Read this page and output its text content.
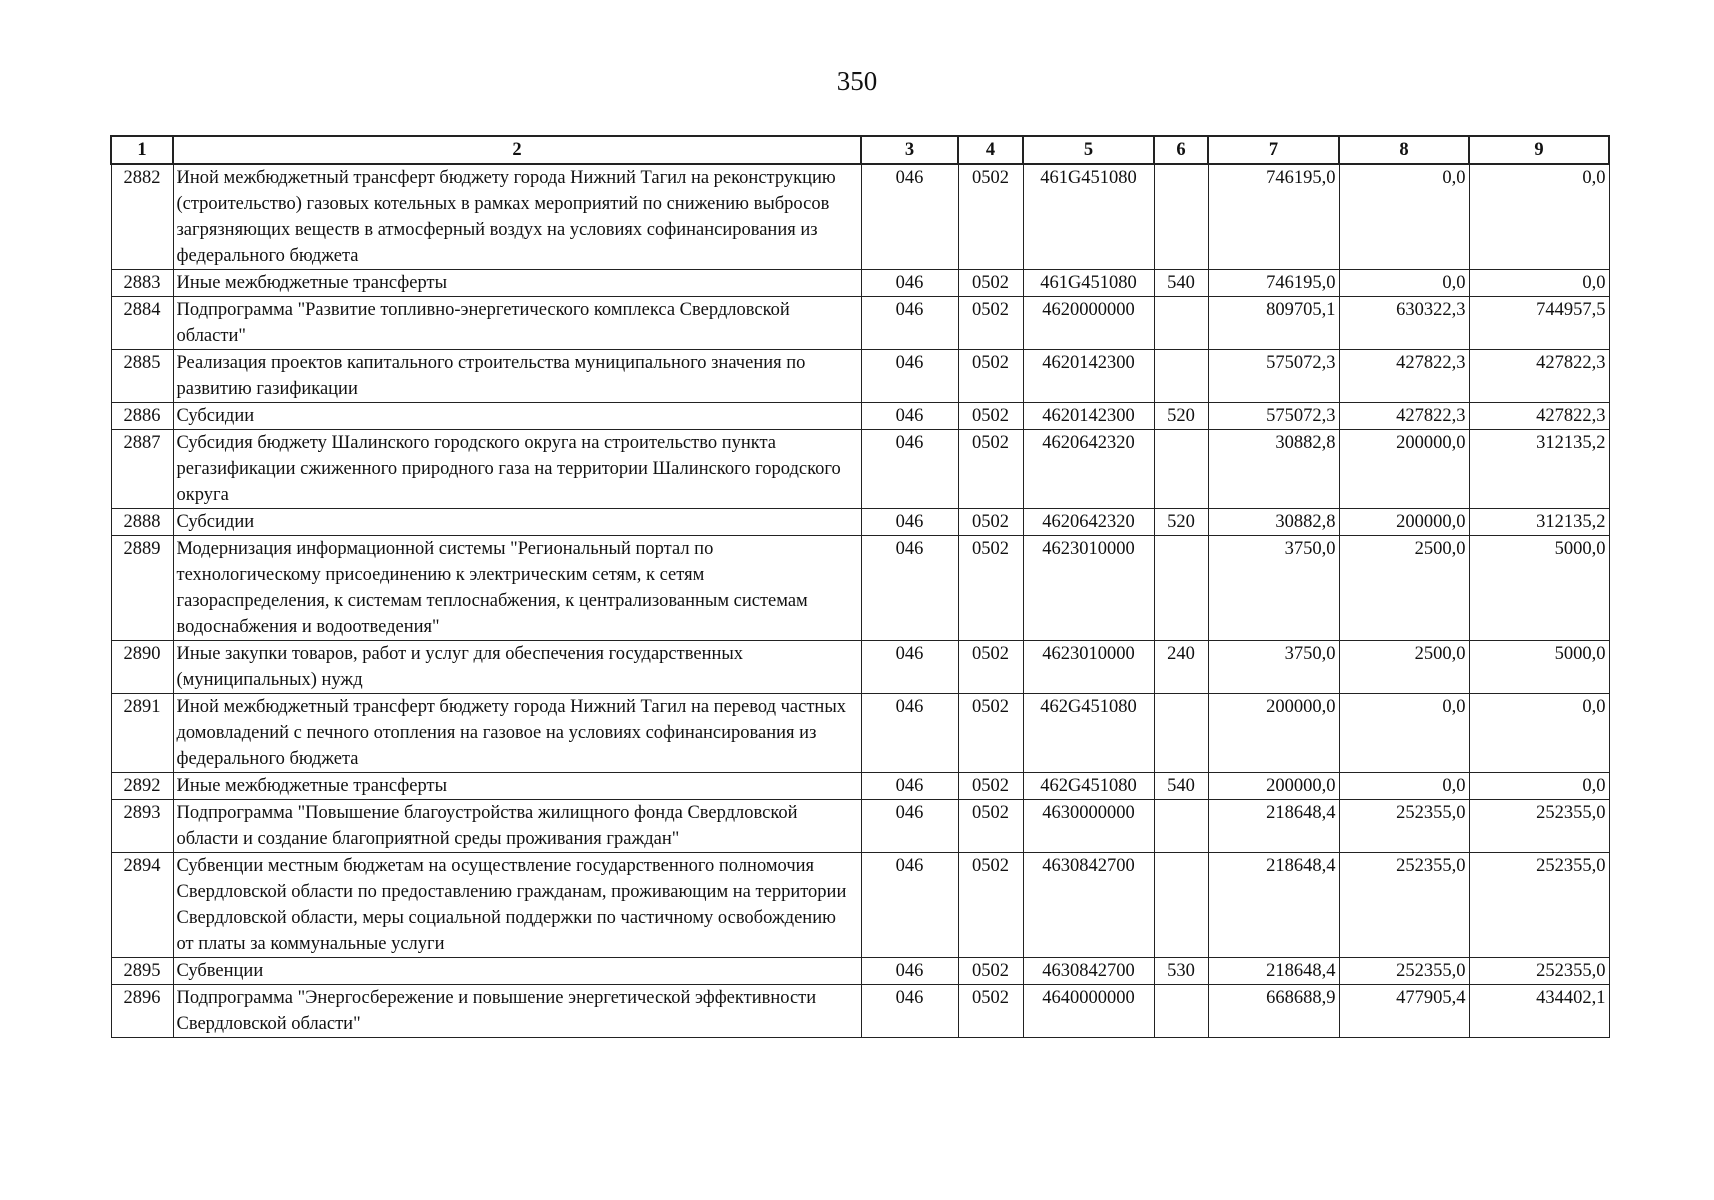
350
1	2	3	4	5	6	7	8	9
2882	Иной межбюджетный трансферт бюджету города Нижний Тагил на реконструкцию (строительство) газовых котельных в рамках мероприятий по снижению выбросов загрязняющих веществ в атмосферный воздух на условиях софинансирования из федерального бюджета	046	0502	461G451080		746195,0	0,0	0,0
2883	Иные межбюджетные трансферты	046	0502	461G451080	540	746195,0	0,0	0,0
2884	Подпрограмма "Развитие топливно-энергетического комплекса Свердловской области"	046	0502	4620000000		809705,1	630322,3	744957,5
2885	Реализация проектов капитального строительства муниципального значения по развитию газификации	046	0502	4620142300		575072,3	427822,3	427822,3
2886	Субсидии	046	0502	4620142300	520	575072,3	427822,3	427822,3
2887	Субсидия бюджету Шалинского городского округа на строительство пункта регазификации сжиженного природного газа на территории Шалинского городского округа	046	0502	4620642320		30882,8	200000,0	312135,2
2888	Субсидии	046	0502	4620642320	520	30882,8	200000,0	312135,2
2889	Модернизация информационной системы "Региональный портал по технологическому присоединению к электрическим сетям, к сетям газораспределения, к системам теплоснабжения, к централизованным системам водоснабжения и водоотведения"	046	0502	4623010000		3750,0	2500,0	5000,0
2890	Иные закупки товаров, работ и услуг для обеспечения государственных (муниципальных) нужд	046	0502	4623010000	240	3750,0	2500,0	5000,0
2891	Иной межбюджетный трансферт бюджету города Нижний Тагил на перевод частных домовладений с печного отопления на газовое на условиях софинансирования из федерального бюджета	046	0502	462G451080		200000,0	0,0	0,0
2892	Иные межбюджетные трансферты	046	0502	462G451080	540	200000,0	0,0	0,0
2893	Подпрограмма "Повышение благоустройства жилищного фонда Свердловской области и создание благоприятной среды проживания граждан"	046	0502	4630000000		218648,4	252355,0	252355,0
2894	Субвенции местным бюджетам на осуществление государственного полномочия Свердловской области по предоставлению гражданам, проживающим на территории Свердловской области, меры социальной поддержки по частичному освобождению от платы за коммунальные услуги	046	0502	4630842700		218648,4	252355,0	252355,0
2895	Субвенции	046	0502	4630842700	530	218648,4	252355,0	252355,0
2896	Подпрограмма "Энергосбережение и повышение энергетической эффективности Свердловской области"	046	0502	4640000000		668688,9	477905,4	434402,1
